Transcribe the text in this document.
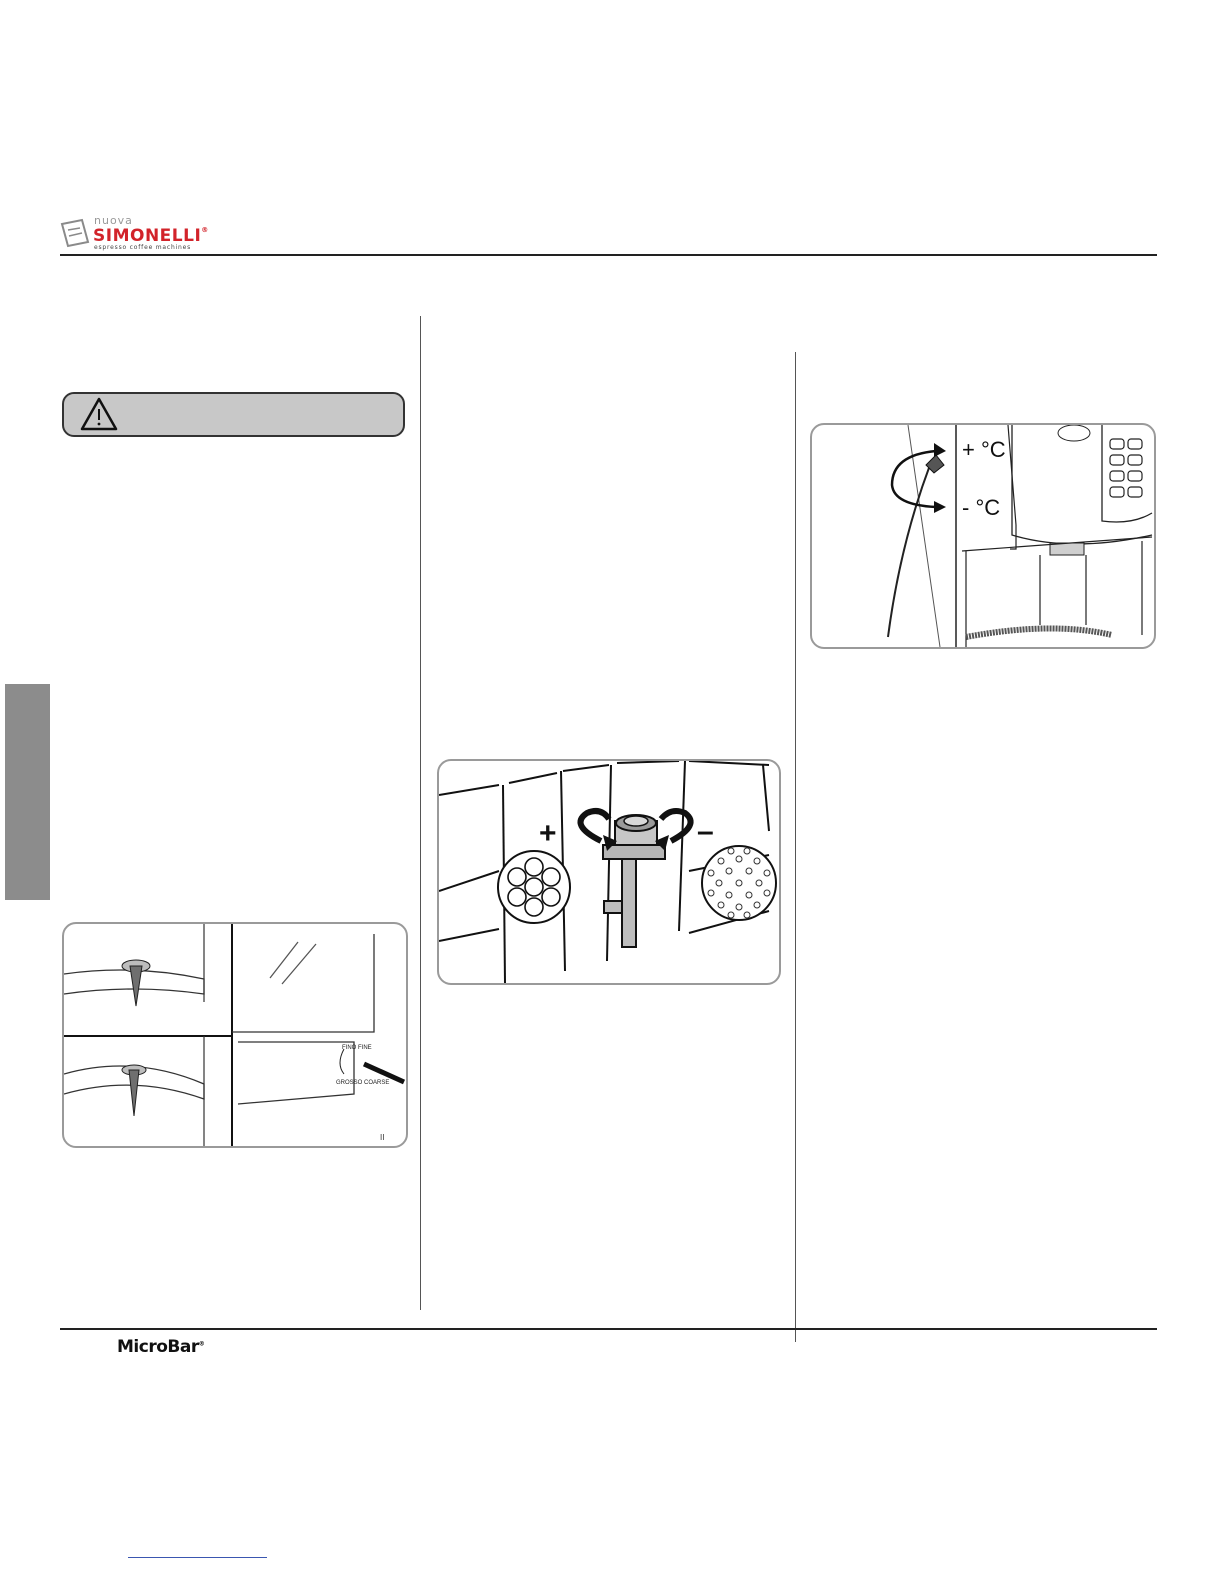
nuova
SIMONELLI®
espresso coffee machines
FINO FINE
GROSSO COARSE
II
+	–
+ °C
- °C
MicroBar®
